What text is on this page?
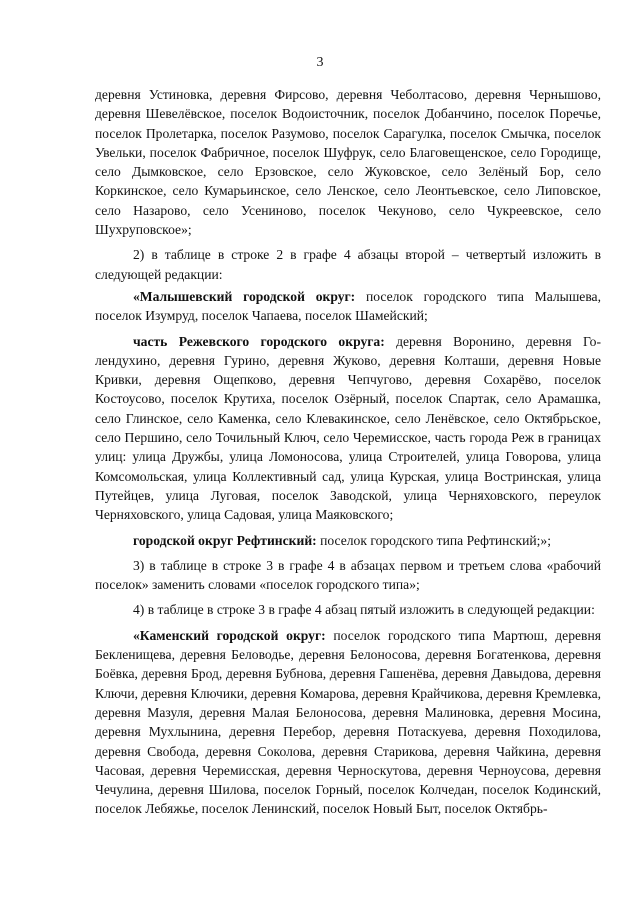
3

деревня Устиновка, деревня Фирсово, деревня Чеболтасово, деревня Чернышово, деревня Шевелёвское, поселок Водоисточник, поселок Добанчино, поселок Поречье, поселок Пролетарка, поселок Разумово, поселок Сарагулка, поселок Смычка, поселок Увельки, поселок Фабричное, поселок Шуфрук, село Благовещенское, село Городище, село Дымковское, село Ерзовское, село Жуковское, село Зелёный Бор, село Коркинское, село Кумарьинское, село Ленское, село Леонтьевское, село Липовское, село Назарово, село Усениново, поселок Чекуново, село Чукреевское, село Шухруповское»;

2) в таблице в строке 2 в графе 4 абзацы второй – четвертый изложить в следующей редакции:

«Малышевский городской округ: поселок городского типа Малышева, поселок Изумруд, поселок Чапаева, поселок Шамейский;

часть Режевского городского округа: деревня Воронино, деревня Голендухино, деревня Гурино, деревня Жуково, деревня Колташи, деревня Новые Кривки, деревня Ощепково, деревня Чепчугово, деревня Сохарёво, поселок Костоусово, поселок Крутиха, поселок Озёрный, поселок Спартак, село Арамашка, село Глинское, село Каменка, село Клевакинское, село Ленёвское, село Октябрьское, село Першино, село Точильный Ключ, село Черемисское, часть города Реж в границах улиц: улица Дружбы, улица Ломоносова, улица Строителей, улица Говорова, улица Комсомольская, улица Коллективный сад, улица Курская, улица Востринская, улица Путейцев, улица Луговая, поселок Заводской, улица Черняховского, переулок Черняховского, улица Садовая, улица Маяковского;

городской округ Рефтинский: поселок городского типа Рефтинский;»;

3) в таблице в строке 3 в графе 4 в абзацах первом и третьем слова «рабочий поселок» заменить словами «поселок городского типа»;

4) в таблице в строке 3 в графе 4 абзац пятый изложить в следующей редакции:

«Каменский городской округ: поселок городского типа Мартюш, деревня Бекленищева, деревня Беловодье, деревня Белоносова, деревня Богатенкова, деревня Боёвка, деревня Брод, деревня Бубнова, деревня Гашенёва, деревня Давыдова, деревня Ключи, деревня Ключики, деревня Комарова, деревня Крайчикова, деревня Кремлевка, деревня Мазуля, деревня Малая Белоносова, деревня Малиновка, деревня Мосина, деревня Мухлынина, деревня Перебор, деревня Потаскуева, деревня Походилова, деревня Свобода, деревня Соколова, деревня Старикова, деревня Чайкина, деревня Часовая, деревня Черемисская, деревня Черноскутова, деревня Черноусова, деревня Чечулина, деревня Шилова, поселок Горный, поселок Колчедан, поселок Кодинский, поселок Лебяжье, поселок Ленинский, поселок Новый Быт, поселок Октябрь-
